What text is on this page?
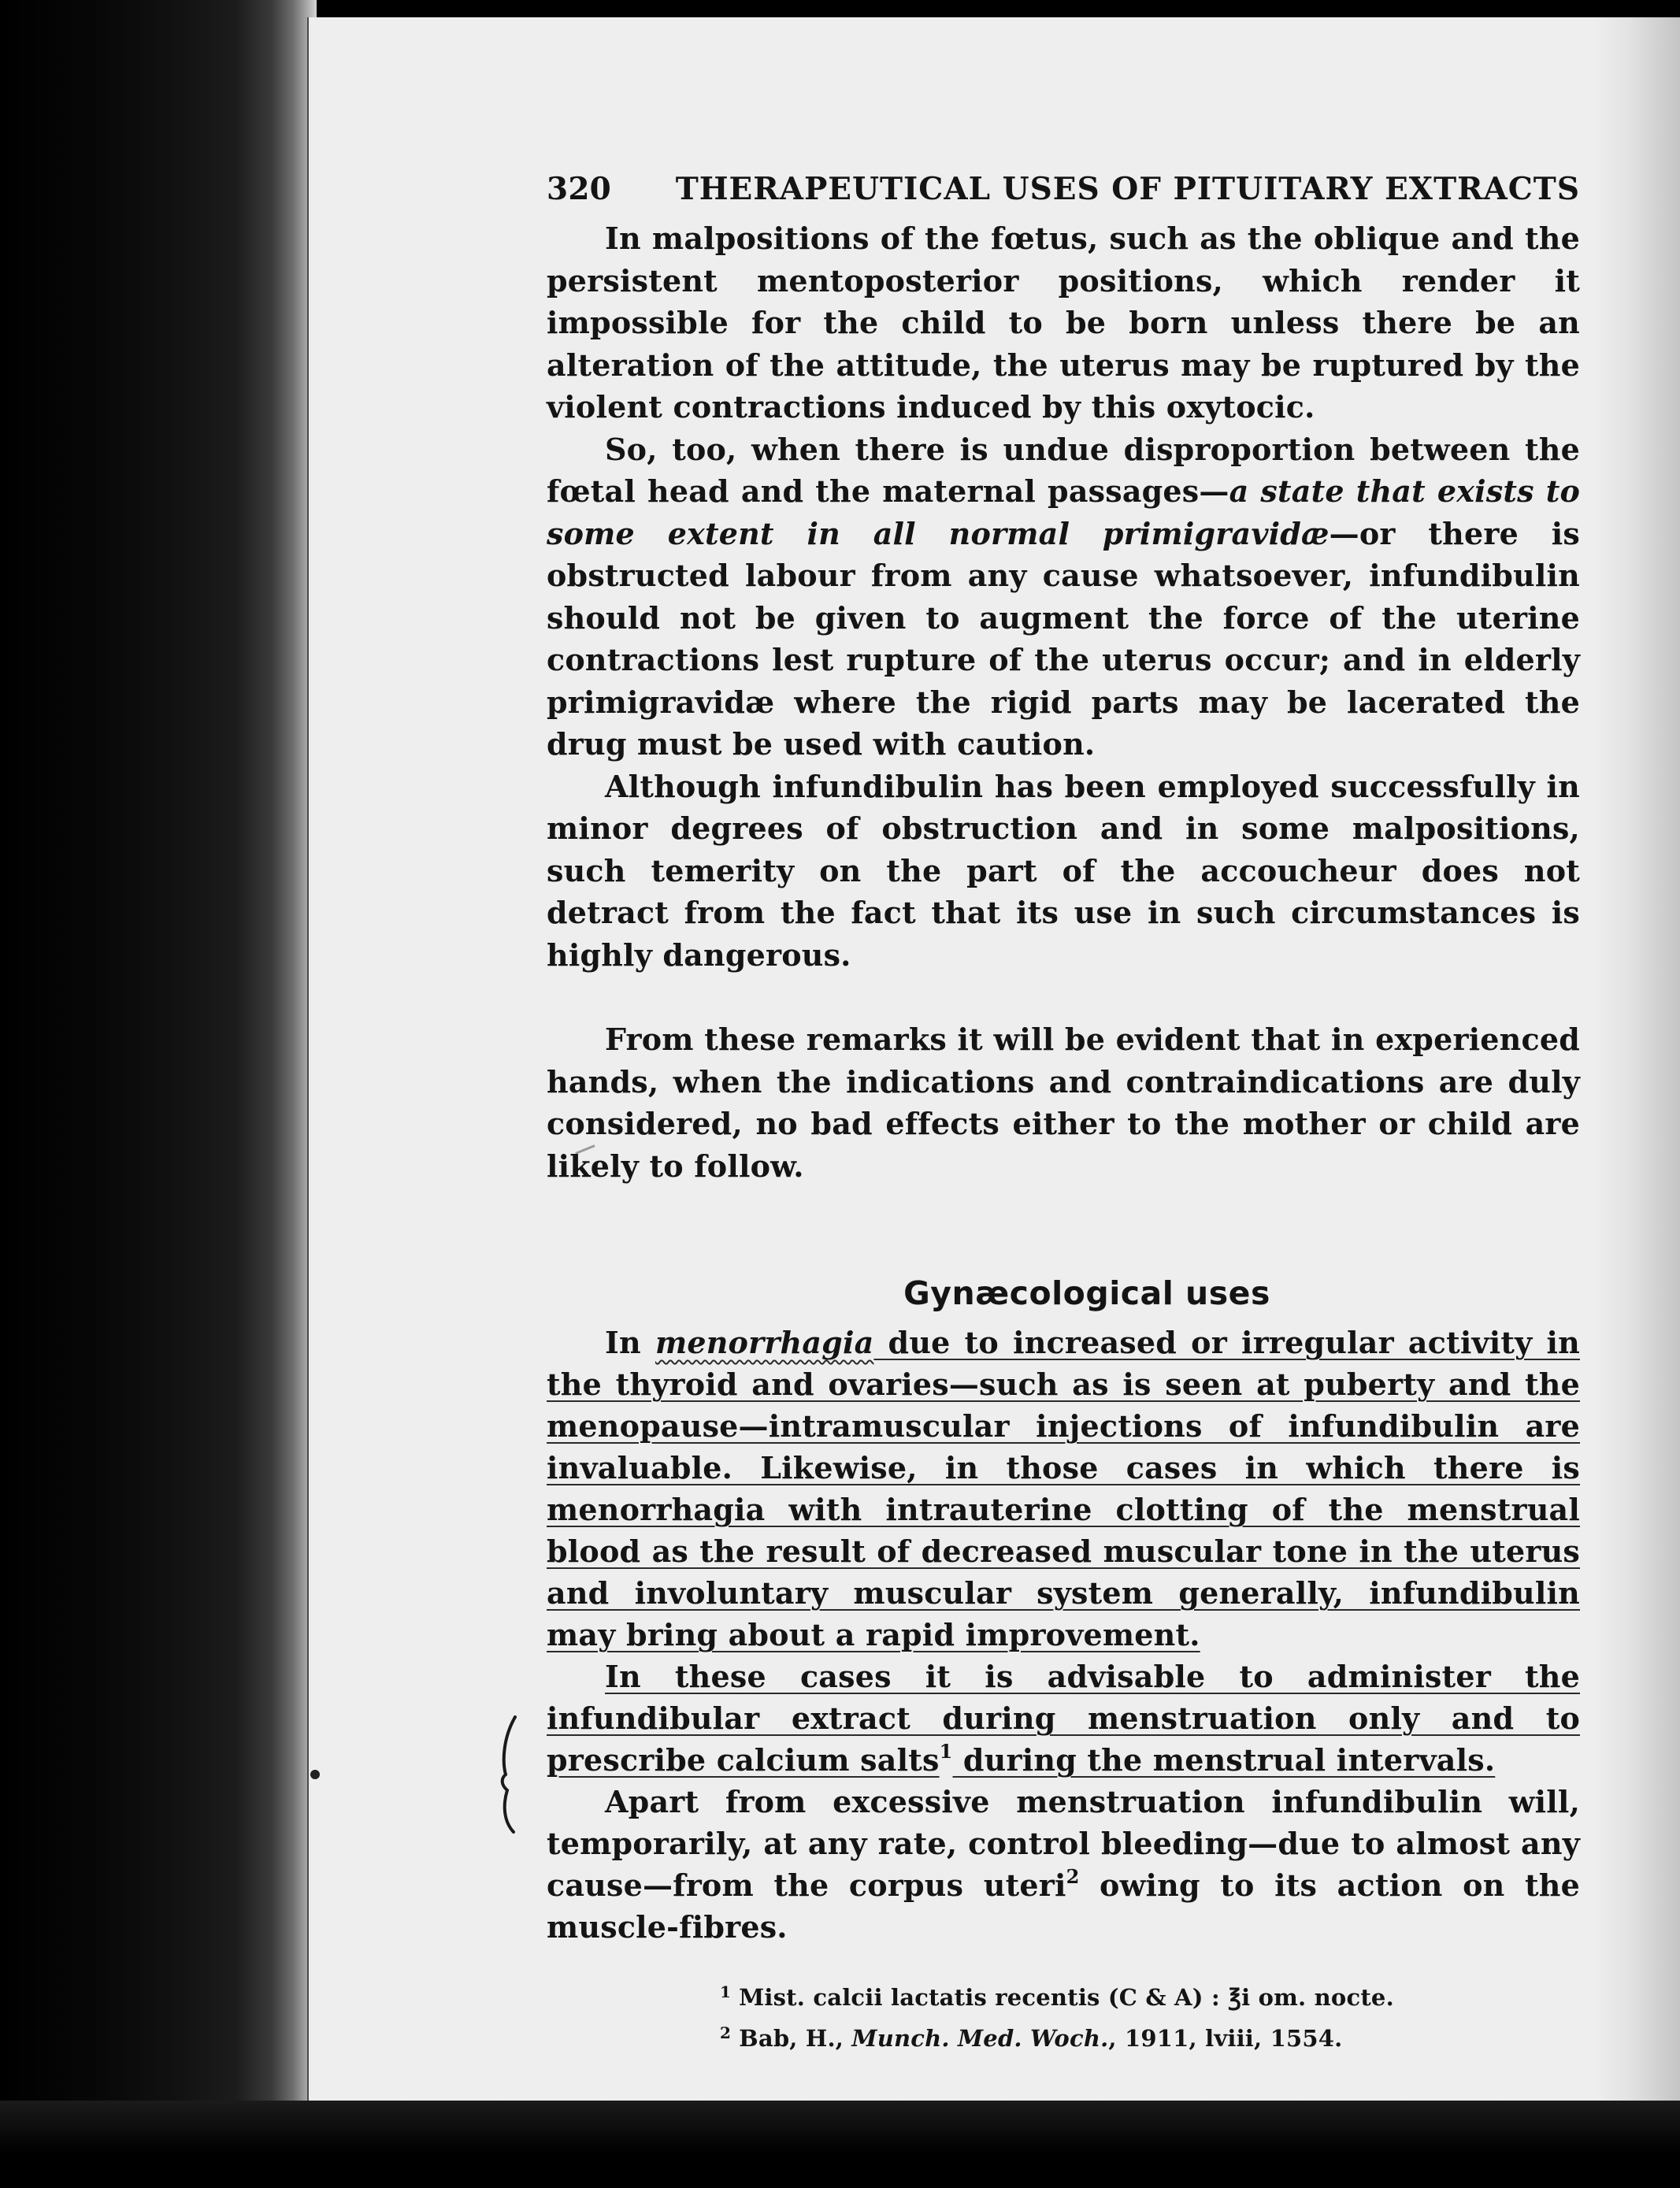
320 THERAPEUTICAL USES OF PITUITARY EXTRACTS

In malpositions of the fœtus, such as the oblique and the persistent mentoposterior positions, which render it impossible for the child to be born unless there be an alteration of the attitude, the uterus may be ruptured by the violent contractions induced by this oxytocic.

So, too, when there is undue disproportion between the fœtal head and the maternal passages—a state that exists to some extent in all normal primigravidæ—or there is obstructed labour from any cause whatsoever, infundibulin should not be given to augment the force of the uterine contractions lest rupture of the uterus occur; and in elderly primigravidæ where the rigid parts may be lacerated the drug must be used with caution.

Although infundibulin has been employed successfully in minor degrees of obstruction and in some malpositions, such temerity on the part of the accoucheur does not detract from the fact that its use in such circumstances is highly dangerous.

From these remarks it will be evident that in experienced hands, when the indications and contraindications are duly considered, no bad effects either to the mother or child are likely to follow.

Gynæcological uses

In menorrhagia due to increased or irregular activity in the thyroid and ovaries—such as is seen at puberty and the menopause—intramuscular injections of infundibulin are invaluable. Likewise, in those cases in which there is menorrhagia with intrauterine clotting of the menstrual blood as the result of decreased muscular tone in the uterus and involuntary muscular system generally, infundibulin may bring about a rapid improvement.

In these cases it is advisable to administer the infundibular extract during menstruation only and to prescribe calcium salts$^1$ during the menstrual intervals.

Apart from excessive menstruation infundibulin will, temporarily, at any rate, control bleeding—due to almost any cause—from the corpus uteri$^2$ owing to its action on the muscle-fibres.

$^1$ Mist. calcii lactatis recentis (C & A) : ℥i om. nocte.
$^2$ Bab, H., Munch. Med. Woch., 1911, lviii, 1554.
